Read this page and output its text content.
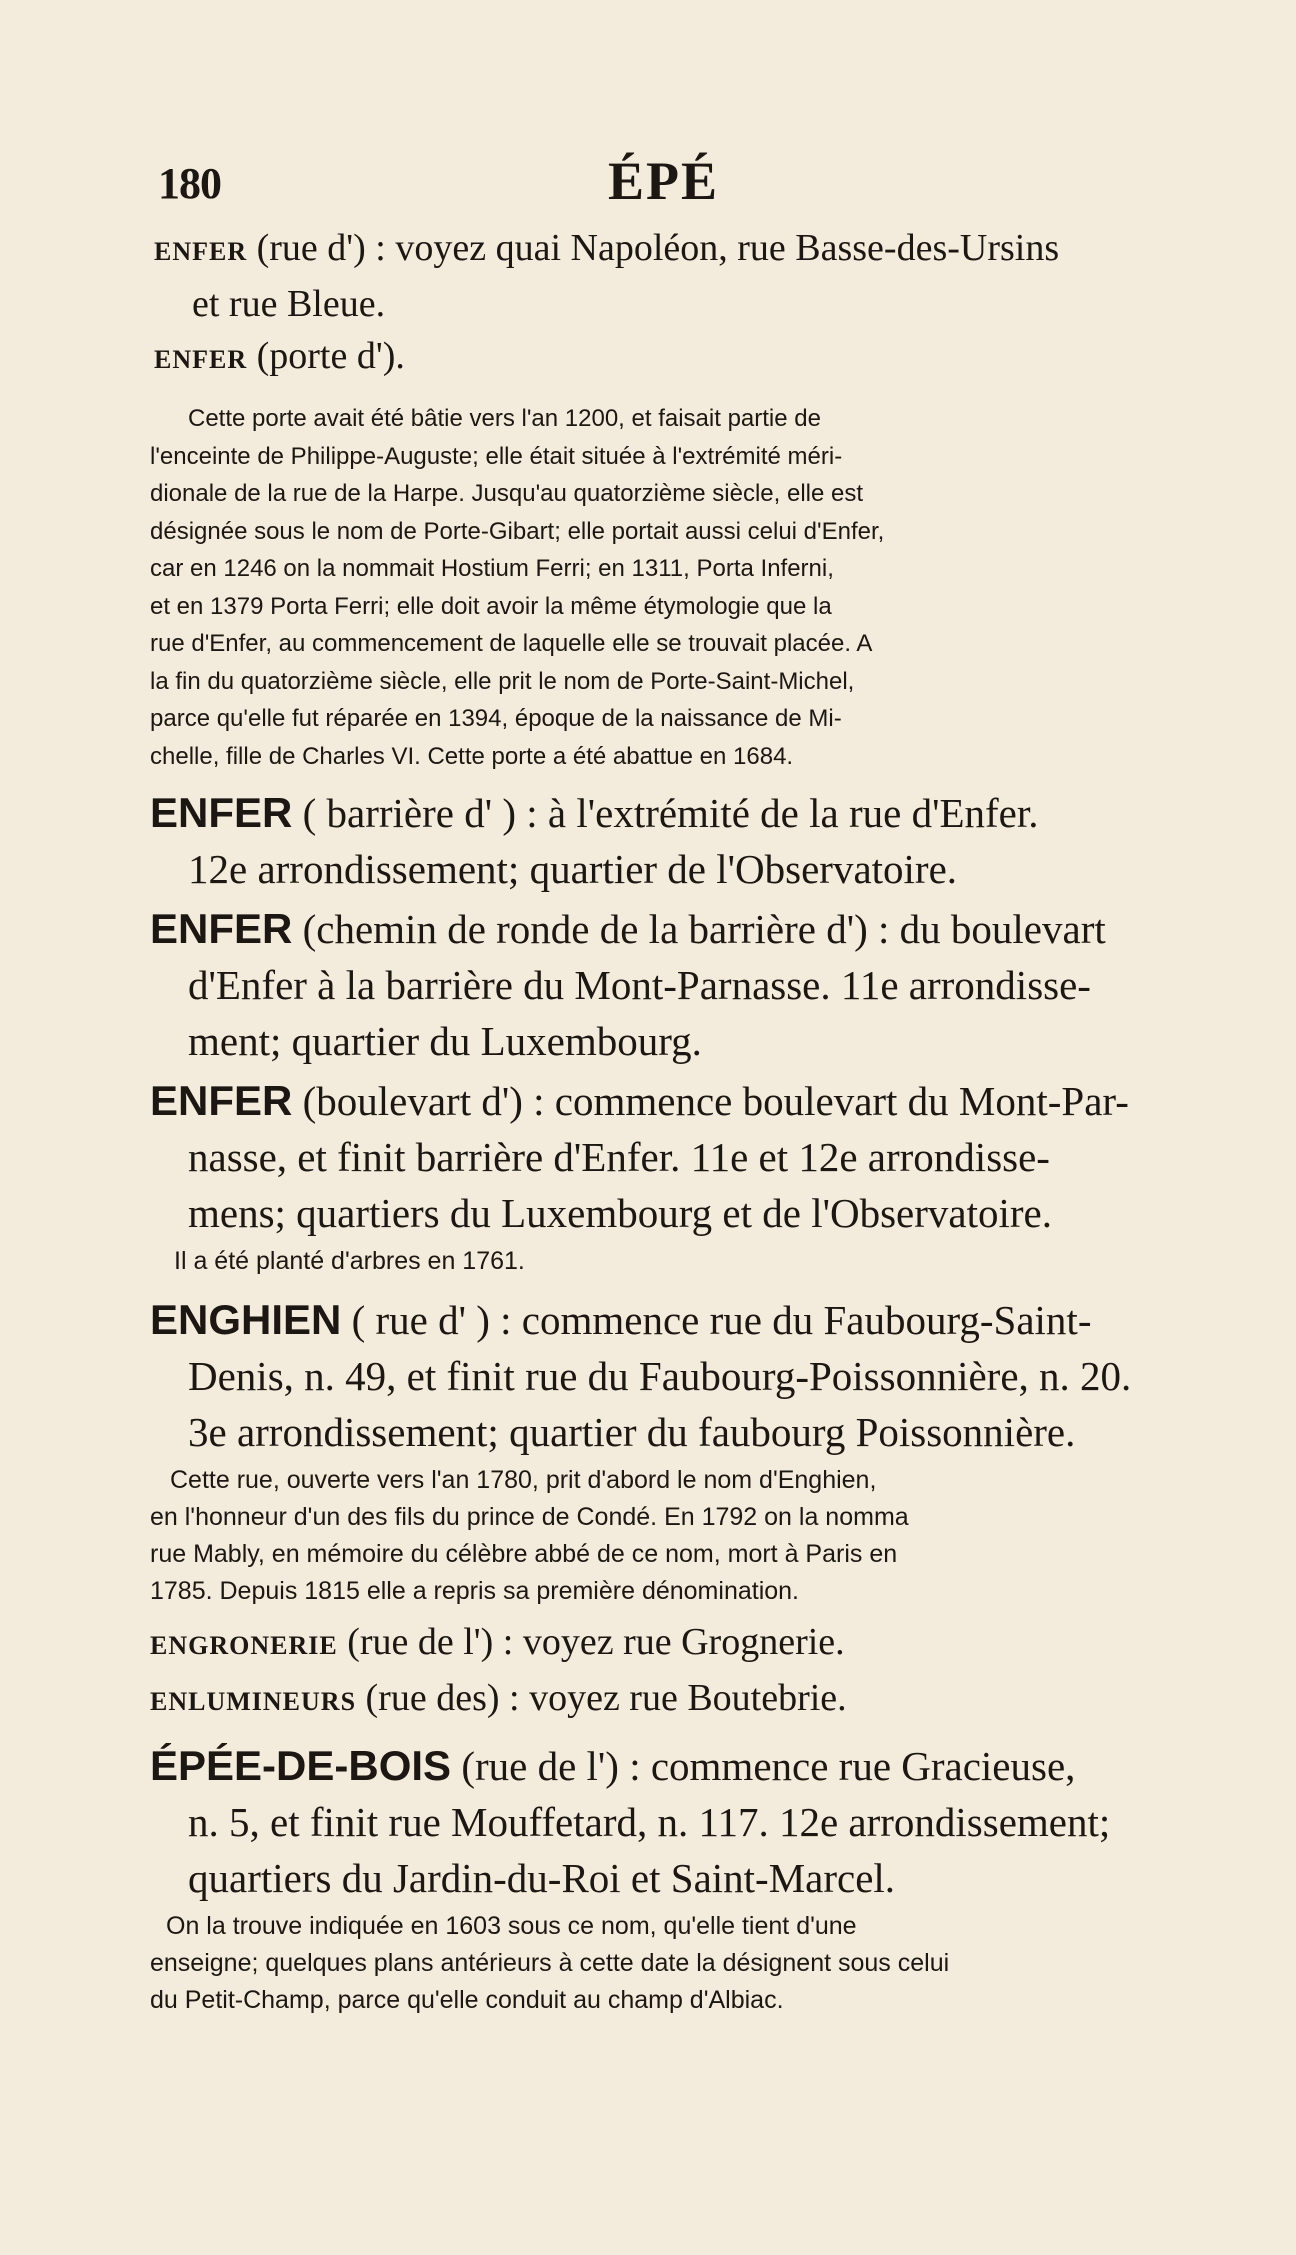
180	ÉPÉ
ENFER (rue d') : voyez quai Napoléon, rue Basse-des-Ursins
et rue Bleue.
ENFER (porte d').
Cette porte avait été bâtie vers l'an 1200, et faisait partie de
l'enceinte de Philippe-Auguste; elle était située à l'extrémité méri-
dionale de la rue de la Harpe. Jusqu'au quatorzième siècle, elle est
désignée sous le nom de Porte-Gibart; elle portait aussi celui d'Enfer,
car en 1246 on la nommait Hostium Ferri; en 1311, Porta Inferni,
et en 1379 Porta Ferri; elle doit avoir la même étymologie que la
rue d'Enfer, au commencement de laquelle elle se trouvait placée. A
la fin du quatorzième siècle, elle prit le nom de Porte-Saint-Michel,
parce qu'elle fut réparée en 1394, époque de la naissance de Mi-
chelle, fille de Charles VI. Cette porte a été abattue en 1684.
ENFER ( barrière d' ) : à l'extrémité de la rue d'Enfer.
12e arrondissement; quartier de l'Observatoire.
ENFER (chemin de ronde de la barrière d') : du boulevart
d'Enfer à la barrière du Mont-Parnasse. 11e arrondisse-
ment; quartier du Luxembourg.
ENFER (boulevart d') : commence boulevart du Mont-Par-
nasse, et finit barrière d'Enfer. 11e et 12e arrondisse-
mens; quartiers du Luxembourg et de l'Observatoire.
Il a été planté d'arbres en 1761.
ENGHIEN ( rue d' ) : commence rue du Faubourg-Saint-
Denis, n. 49, et finit rue du Faubourg-Poissonnière, n. 20.
3e arrondissement; quartier du faubourg Poissonnière.
Cette rue, ouverte vers l'an 1780, prit d'abord le nom d'Enghien,
en l'honneur d'un des fils du prince de Condé. En 1792 on la nomma
rue Mably, en mémoire du célèbre abbé de ce nom, mort à Paris en
1785. Depuis 1815 elle a repris sa première dénomination.
ENGRONERIE (rue de l') : voyez rue Grognerie.
ENLUMINEURS (rue des) : voyez rue Boutebrie.
ÉPÉE-DE-BOIS (rue de l') : commence rue Gracieuse,
n. 5, et finit rue Mouffetard, n. 117. 12e arrondissement;
quartiers du Jardin-du-Roi et Saint-Marcel.
On la trouve indiquée en 1603 sous ce nom, qu'elle tient d'une
enseigne; quelques plans antérieurs à cette date la désignent sous celui
du Petit-Champ, parce qu'elle conduit au champ d'Albiac.
